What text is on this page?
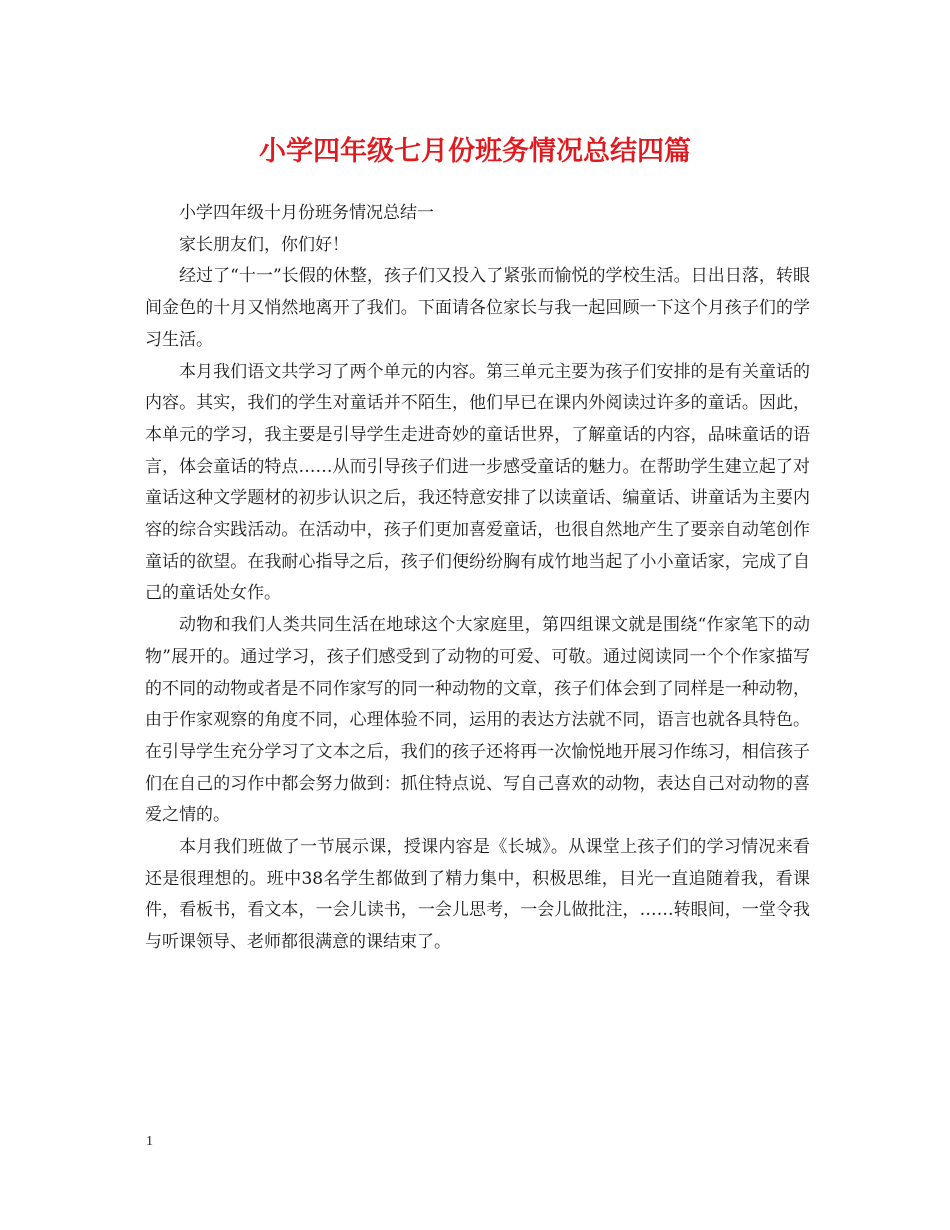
小学四年级七月份班务情况总结四篇

小学四年级十月份班务情况总结一

家长朋友们，你们好！

经过了“十一”长假的休整，孩子们又投入了紧张而愉悦的学校生活。日出日落，转眼间金色的十月又悄然地离开了我们。下面请各位家长与我一起回顾一下这个月孩子们的学习生活。

本月我们语文共学习了两个单元的内容。第三单元主要为孩子们安排的是有关童话的内容。其实，我们的学生对童话并不陌生，他们早已在课内外阅读过许多的童话。因此，本单元的学习，我主要是引导学生走进奇妙的童话世界，了解童话的内容，品味童话的语言，体会童话的特点……从而引导孩子们进一步感受童话的魅力。在帮助学生建立起了对童话这种文学题材的初步认识之后，我还特意安排了以读童话、编童话、讲童话为主要内容的综合实践活动。在活动中，孩子们更加喜爱童话，也很自然地产生了要亲自动笔创作童话的欲望。在我耐心指导之后，孩子们便纷纷胸有成竹地当起了小小童话家，完成了自己的童话处女作。

动物和我们人类共同生活在地球这个大家庭里，第四组课文就是围绕“作家笔下的动物”展开的。通过学习，孩子们感受到了动物的可爱、可敬。通过阅读同一个个作家描写的不同的动物或者是不同作家写的同一种动物的文章，孩子们体会到了同样是一种动物，由于作家观察的角度不同，心理体验不同，运用的表达方法就不同，语言也就各具特色。在引导学生充分学习了文本之后，我们的孩子还将再一次愉悦地开展习作练习，相信孩子们在自己的习作中都会努力做到：抓住特点说、写自己喜欢的动物，表达自己对动物的喜爱之情的。

本月我们班做了一节展示课，授课内容是《长城》。从课堂上孩子们的学习情况来看还是很理想的。班中38名学生都做到了精力集中，积极思维，目光一直追随着我，看课件，看板书，看文本，一会儿读书，一会儿思考，一会儿做批注，……转眼间，一堂令我与听课领导、老师都很满意的课结束了。

1
